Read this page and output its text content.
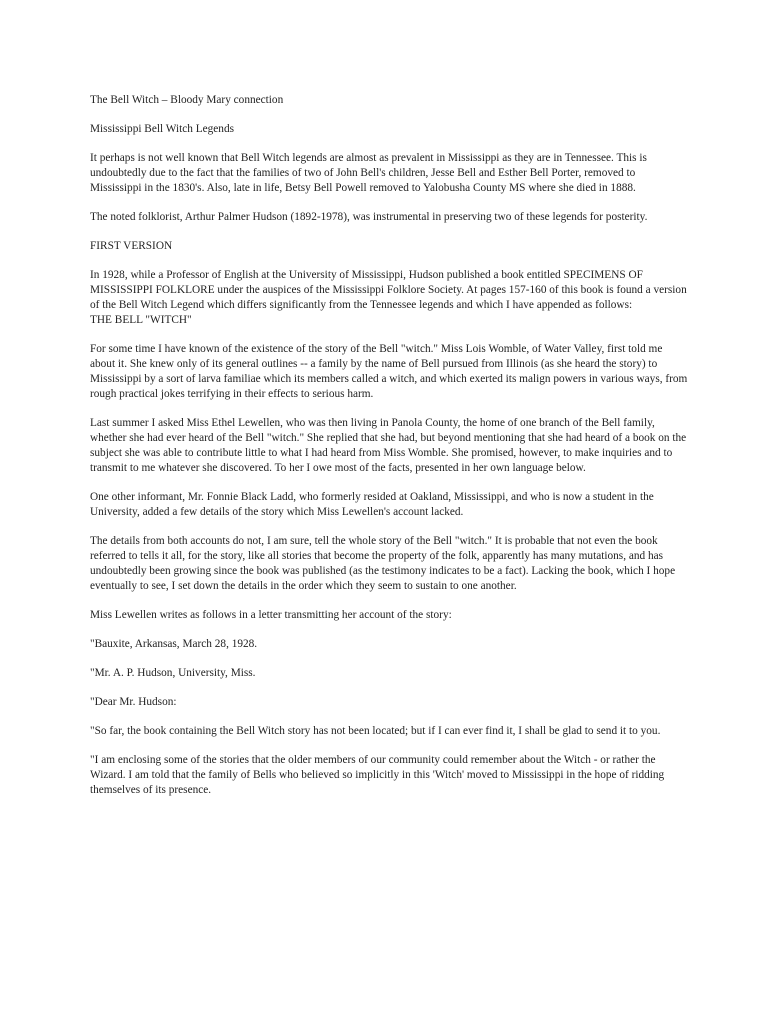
The Bell Witch – Bloody Mary connection

Mississippi Bell Witch Legends

It perhaps is not well known that Bell Witch legends are almost as prevalent in Mississippi as they are in Tennessee. This is undoubtedly due to the fact that the families of two of John Bell's children, Jesse Bell and Esther Bell Porter, removed to Mississippi in the 1830's. Also, late in life, Betsy Bell Powell removed to Yalobusha County MS where she died in 1888.

The noted folklorist, Arthur Palmer Hudson (1892-1978), was instrumental in preserving two of these legends for posterity.

FIRST VERSION

In 1928, while a Professor of English at the University of Mississippi, Hudson published a book entitled SPECIMENS OF MISSISSIPPI FOLKLORE under the auspices of the Mississippi Folklore Society. At pages 157-160 of this book is found a version of the Bell Witch Legend which differs significantly from the Tennessee legends and which I have appended as follows:

THE BELL "WITCH"

For some time I have known of the existence of the story of the Bell "witch." Miss Lois Womble, of Water Valley, first told me about it. She knew only of its general outlines -- a family by the name of Bell pursued from Illinois (as she heard the story) to Mississippi by a sort of larva familiae which its members called a witch, and which exerted its malign powers in various ways, from rough practical jokes terrifying in their effects to serious harm.

Last summer I asked Miss Ethel Lewellen, who was then living in Panola County, the home of one branch of the Bell family, whether she had ever heard of the Bell "witch." She replied that she had, but beyond mentioning that she had heard of a book on the subject she was able to contribute little to what I had heard from Miss Womble. She promised, however, to make inquiries and to transmit to me whatever she discovered. To her I owe most of the facts, presented in her own language below.

One other informant, Mr. Fonnie Black Ladd, who formerly resided at Oakland, Mississippi, and who is now a student in the University, added a few details of the story which Miss Lewellen's account lacked.

The details from both accounts do not, I am sure, tell the whole story of the Bell "witch." It is probable that not even the book referred to tells it all, for the story, like all stories that become the property of the folk, apparently has many mutations, and has undoubtedly been growing since the book was published (as the testimony indicates to be a fact). Lacking the book, which I hope eventually to see, I set down the details in the order which they seem to sustain to one another.

Miss Lewellen writes as follows in a letter transmitting her account of the story:

"Bauxite, Arkansas, March 28, 1928.

"Mr. A. P. Hudson, University, Miss.

"Dear Mr. Hudson:

"So far, the book containing the Bell Witch story has not been located; but if I can ever find it, I shall be glad to send it to you.

"I am enclosing some of the stories that the older members of our community could remember about the Witch - or rather the Wizard. I am told that the family of Bells who believed so implicitly in this 'Witch' moved to Mississippi in the hope of ridding themselves of its presence.
